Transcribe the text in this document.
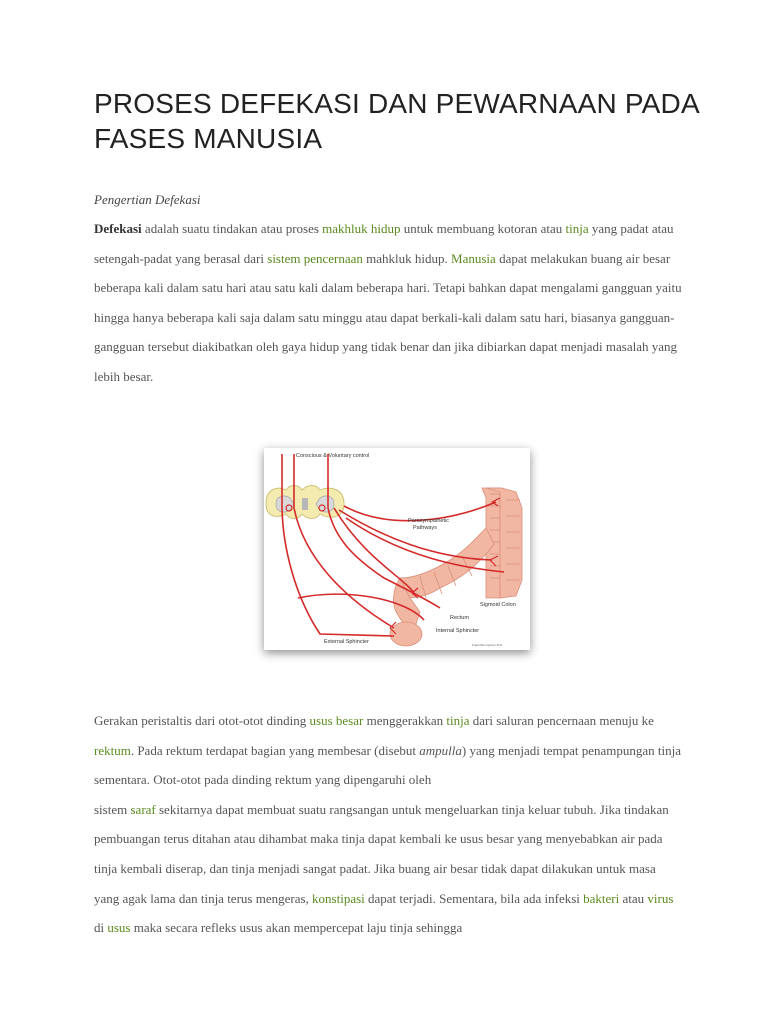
PROSES DEFEKASI DAN PEWARNAAN PADA FASES MANUSIA

Pengertian Defekasi

Defekasi adalah suatu tindakan atau proses makhluk hidup untuk membuang kotoran atau tinja yang padat atau setengah-padat yang berasal dari sistem pencernaan mahkluk hidup. Manusia dapat melakukan buang air besar beberapa kali dalam satu hari atau satu kali dalam beberapa hari. Tetapi bahkan dapat mengalami gangguan yaitu hingga hanya beberapa kali saja dalam satu minggu atau dapat berkali-kali dalam satu hari, biasanya gangguan-gangguan tersebut diakibatkan oleh gaya hidup yang tidak benar dan jika dibiarkan dapat menjadi masalah yang lebih besar.

Conscious & Voluntary control
Parasympathetic
Pathways
Sigmoid Colon
Rectum
Internal Sphincter
External Sphincter	Frank Boumphrey M.D.

Gerakan peristaltis dari otot-otot dinding usus besar menggerakkan tinja dari saluran pencernaan menuju ke rektum. Pada rektum terdapat bagian yang membesar (disebut ampulla) yang menjadi tempat penampungan tinja sementara. Otot-otot pada dinding rektum yang dipengaruhi oleh
sistem saraf sekitarnya dapat membuat suatu rangsangan untuk mengeluarkan tinja keluar tubuh. Jika tindakan pembuangan terus ditahan atau dihambat maka tinja dapat kembali ke usus besar yang menyebabkan air pada tinja kembali diserap, dan tinja menjadi sangat padat. Jika buang air besar tidak dapat dilakukan untuk masa yang agak lama dan tinja terus mengeras, konstipasi dapat terjadi. Sementara, bila ada infeksi bakteri atau virus di usus maka secara refleks usus akan mempercepat laju tinja sehingga
